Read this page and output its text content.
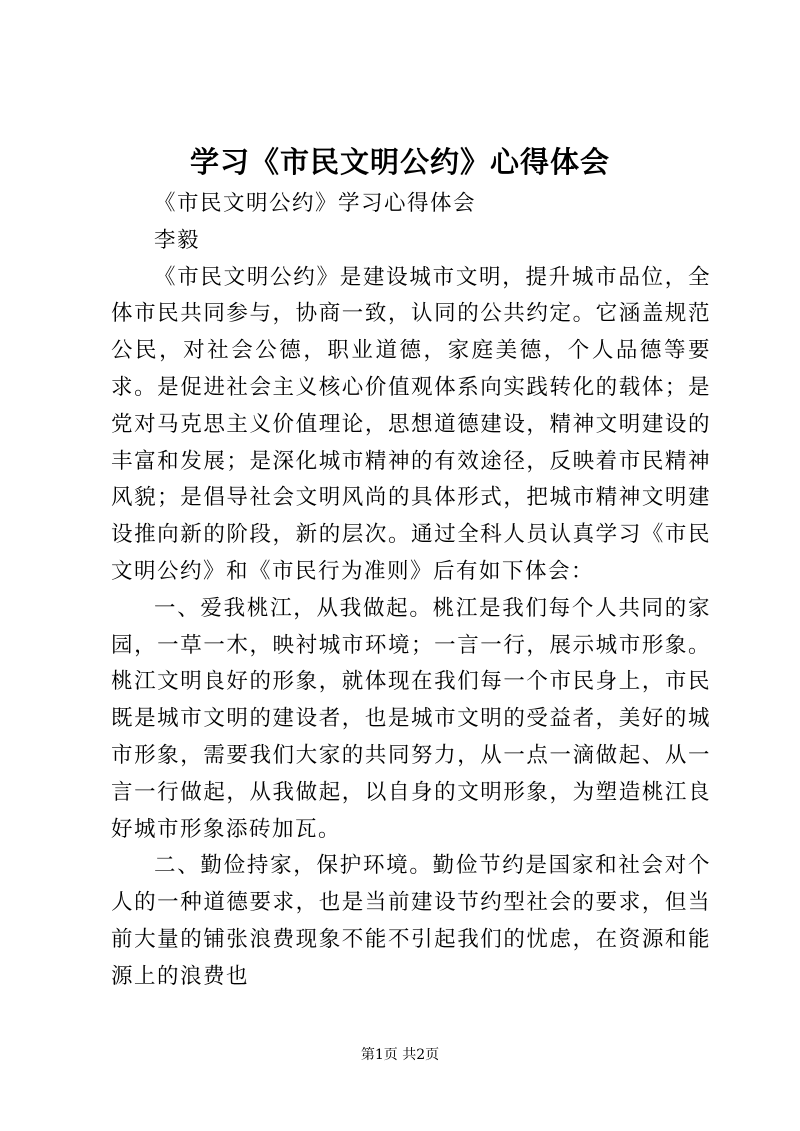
学习《市民文明公约》心得体会

《市民文明公约》学习心得体会

李毅

《市民文明公约》是建设城市文明，提升城市品位，全体市民共同参与，协商一致，认同的公共约定。它涵盖规范公民，对社会公德，职业道德，家庭美德，个人品德等要求。是促进社会主义核心价值观体系向实践转化的载体；是党对马克思主义价值理论，思想道德建设，精神文明建设的丰富和发展；是深化城市精神的有效途径，反映着市民精神风貌；是倡导社会文明风尚的具体形式，把城市精神文明建设推向新的阶段，新的层次。通过全科人员认真学习《市民文明公约》和《市民行为准则》后有如下体会：

一、爱我桃江，从我做起。桃江是我们每个人共同的家园，一草一木，映衬城市环境；一言一行，展示城市形象。桃江文明良好的形象，就体现在我们每一个市民身上，市民既是城市文明的建设者，也是城市文明的受益者，美好的城市形象，需要我们大家的共同努力，从一点一滴做起、从一言一行做起，从我做起，以自身的文明形象，为塑造桃江良好城市形象添砖加瓦。

二、勤俭持家，保护环境。勤俭节约是国家和社会对个人的一种道德要求，也是当前建设节约型社会的要求，但当前大量的铺张浪费现象不能不引起我们的忧虑，在资源和能源上的浪费也

第1页 共2页
